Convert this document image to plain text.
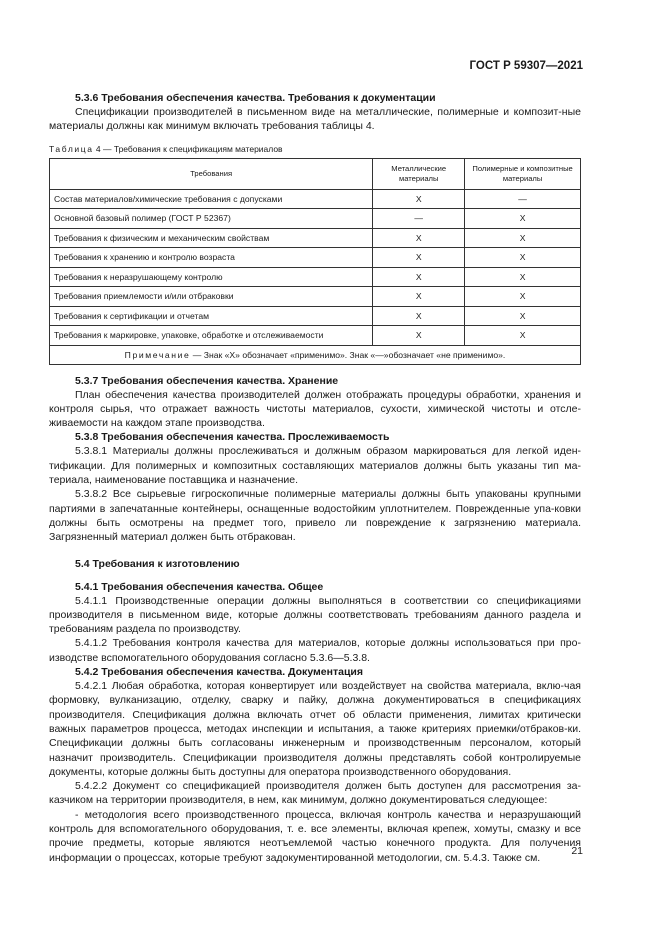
ГОСТ Р 59307—2021

5.3.6 Требования обеспечения качества. Требования к документации

Спецификации производителей в письменном виде на металлические, полимерные и композит-ные материалы должны как минимум включать требования таблицы 4.

Таблица 4 — Требования к спецификациям материалов
Требования	Металлические материалы	Полимерные и композитные материалы
Состав материалов/химические требования с допусками	X	—
Основной базовый полимер (ГОСТ Р 52367)	—	X
Требования к физическим и механическим свойствам	X	X
Требования к хранению и контролю возраста	X	X
Требования к неразрушающему контролю	X	X
Требования приемлемости и/или отбраковки	X	X
Требования к сертификации и отчетам	X	X
Требования к маркировке, упаковке, обработке и отслеживаемости	X	X
Примечание — Знак «X» обозначает «применимо». Знак «—»обозначает «не применимо».		

5.3.7 Требования обеспечения качества. Хранение

План обеспечения качества производителей должен отображать процедуры обработки, хранения и контроля сырья, что отражает важность чистоты материалов, сухости, химической чистоты и отсле-живаемости на каждом этапе производства.

5.3.8 Требования обеспечения качества. Прослеживаемость

5.3.8.1 Материалы должны прослеживаться и должным образом маркироваться для легкой иден-тификации. Для полимерных и композитных составляющих материалов должны быть указаны тип ма-териала, наименование поставщика и назначение.

5.3.8.2 Все сырьевые гигроскопичные полимерные материалы должны быть упакованы крупными партиями в запечатанные контейнеры, оснащенные водостойким уплотнителем. Поврежденные упа-ковки должны быть осмотрены на предмет того, привело ли повреждение к загрязнению материала. Загрязненный материал должен быть отбракован.

5.4 Требования к изготовлению

5.4.1 Требования обеспечения качества. Общее

5.4.1.1 Производственные операции должны выполняться в соответствии со спецификациями производителя в письменном виде, которые должны соответствовать требованиям данного раздела и требованиям раздела по производству.

5.4.1.2 Требования контроля качества для материалов, которые должны использоваться при про-изводстве вспомогательного оборудования согласно 5.3.6—5.3.8.

5.4.2 Требования обеспечения качества. Документация

5.4.2.1 Любая обработка, которая конвертирует или воздействует на свойства материала, вклю-чая формовку, вулканизацию, отделку, сварку и пайку, должна документироваться в спецификациях производителя. Спецификация должна включать отчет об области применения, лимитах критически важных параметров процесса, методах инспекции и испытания, а также критериях приемки/отбраков-ки. Спецификации должны быть согласованы инженерным и производственным персоналом, который назначит производитель. Спецификации производителя должны представлять собой контролируемые документы, которые должны быть доступны для оператора производственного оборудования.

5.4.2.2 Документ со спецификацией производителя должен быть доступен для рассмотрения за-казчиком на территории производителя, в нем, как минимум, должно документироваться следующее:

- методология всего производственного процесса, включая контроль качества и неразрушающий контроль для вспомогательного оборудования, т. е. все элементы, включая крепеж, хомуты, смазку и все прочие предметы, которые являются неотъемлемой частью конечного продукта. Для получения информации о процессах, которые требуют задокументированной методологии, см. 5.4.3. Также см.

21
